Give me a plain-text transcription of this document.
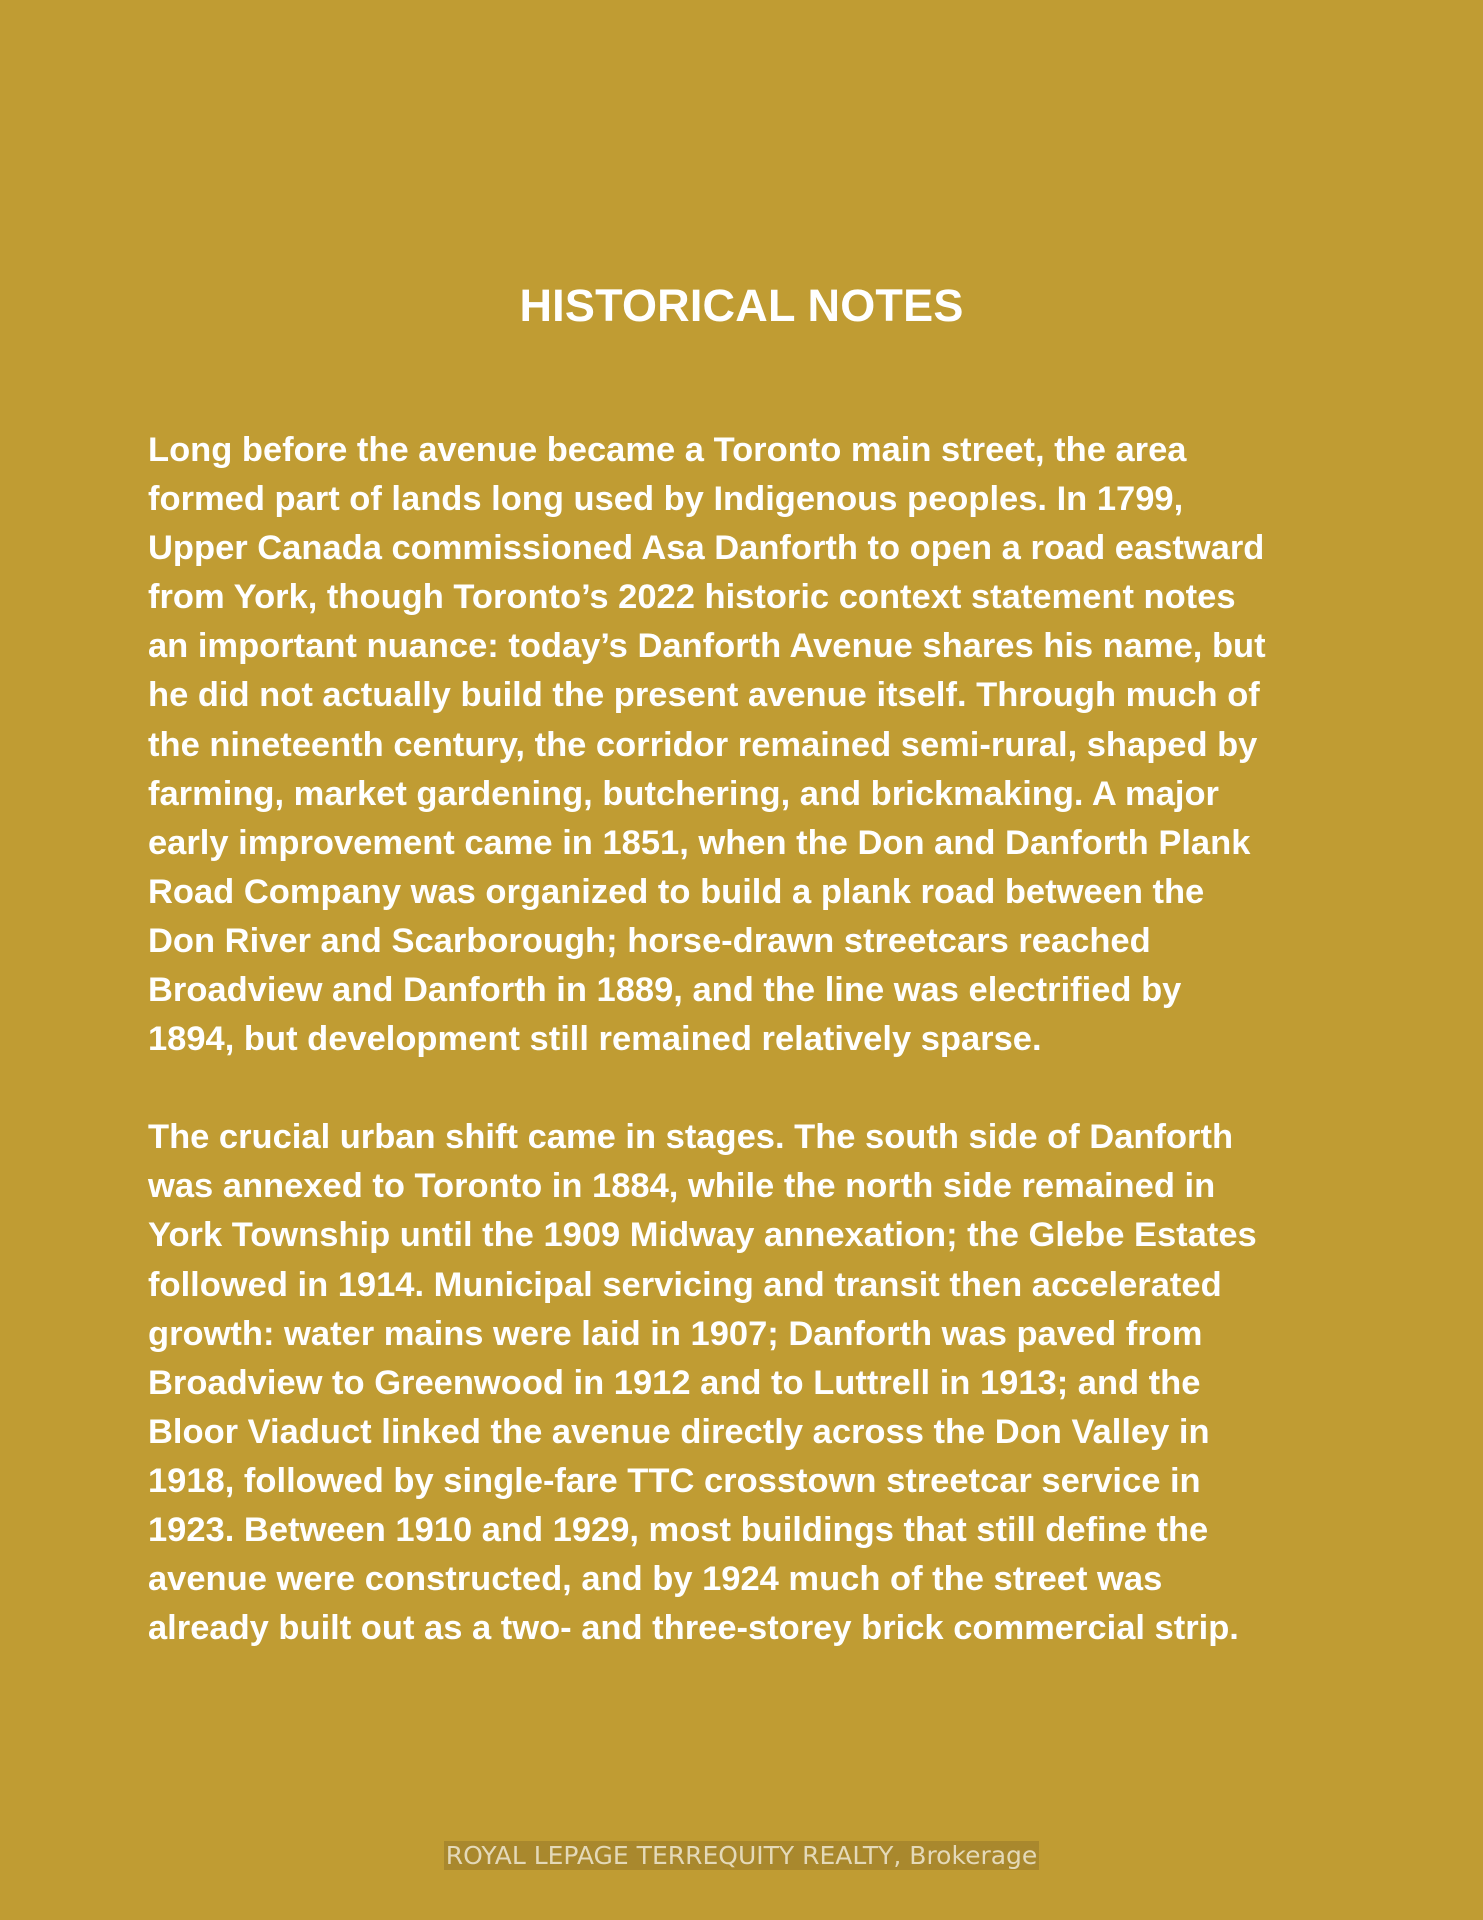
HISTORICAL NOTES

Long before the avenue became a Toronto main street, the area
formed part of lands long used by Indigenous peoples. In 1799,
Upper Canada commissioned Asa Danforth to open a road eastward
from York, though Toronto’s 2022 historic context statement notes
an important nuance: today’s Danforth Avenue shares his name, but
he did not actually build the present avenue itself. Through much of
the nineteenth century, the corridor remained semi-rural, shaped by
farming, market gardening, butchering, and brickmaking. A major
early improvement came in 1851, when the Don and Danforth Plank
Road Company was organized to build a plank road between the
Don River and Scarborough; horse-drawn streetcars reached
Broadview and Danforth in 1889, and the line was electrified by
1894, but development still remained relatively sparse.

The crucial urban shift came in stages. The south side of Danforth
was annexed to Toronto in 1884, while the north side remained in
York Township until the 1909 Midway annexation; the Glebe Estates
followed in 1914. Municipal servicing and transit then accelerated
growth: water mains were laid in 1907; Danforth was paved from
Broadview to Greenwood in 1912 and to Luttrell in 1913; and the
Bloor Viaduct linked the avenue directly across the Don Valley in
1918, followed by single-fare TTC crosstown streetcar service in
1923. Between 1910 and 1929, most buildings that still define the
avenue were constructed, and by 1924 much of the street was
already built out as a two- and three-storey brick commercial strip.

ROYAL LEPAGE TERREQUITY REALTY, Brokerage
